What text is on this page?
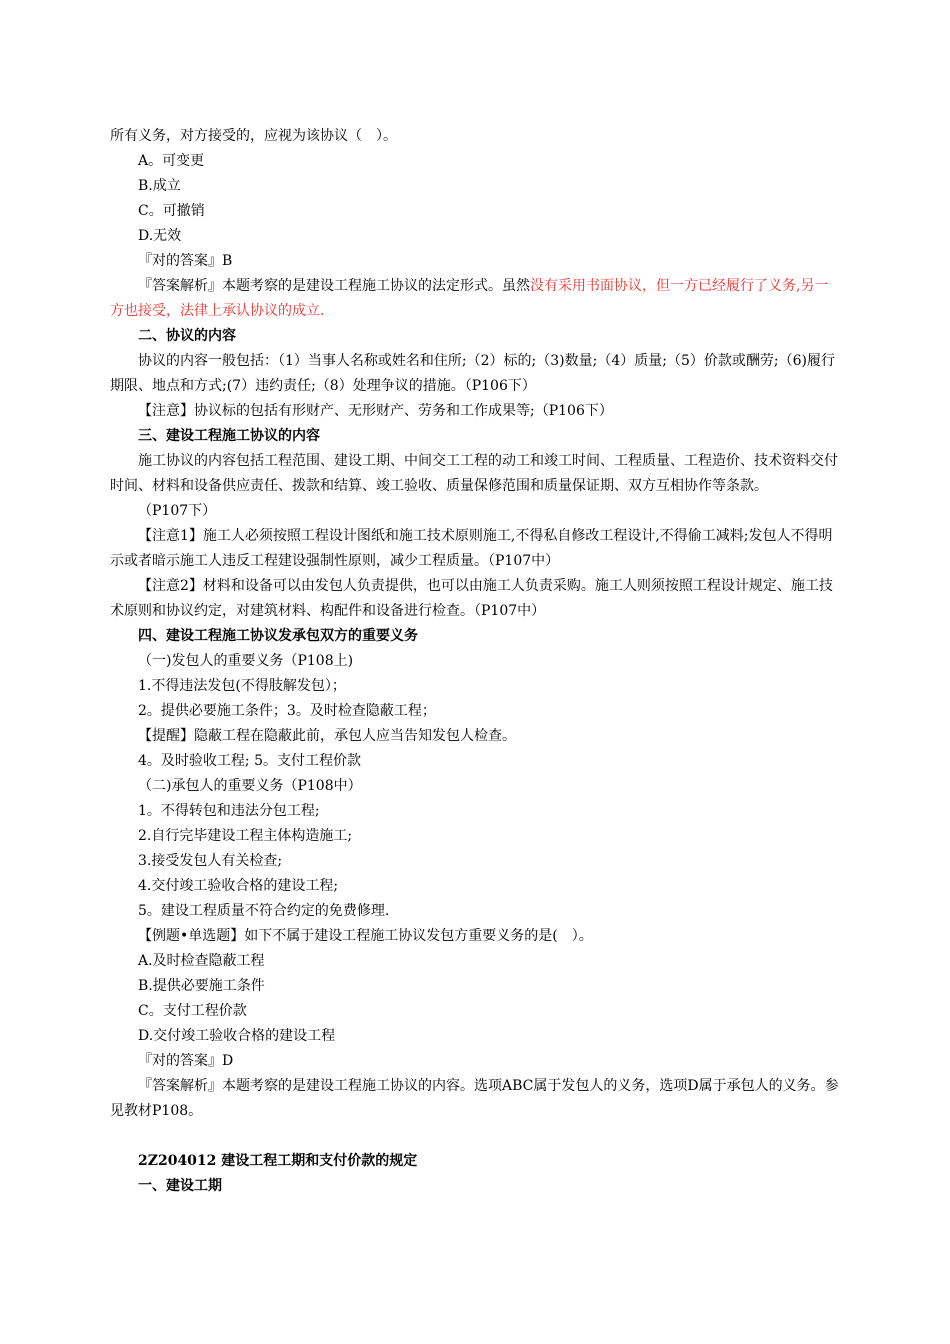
所有义务，对方接受的，应视为该协议（　）。

A。可变更

B.成立

C。可撤销

D.无效

『对的答案』B

『答案解析』本题考察的是建设工程施工协议的法定形式。虽然没有采用书面协议，但一方已经履行了义务,另一方也接受，法律上承认协议的成立.

二、协议的内容

协议的内容一般包括：（1）当事人名称或姓名和住所;（2）标的;（3)数量;（4）质量;（5）价款或酬劳;（6)履行期限、地点和方式;(7）违约责任;（8）处理争议的措施。（P106下）

【注意】协议标的包括有形财产、无形财产、劳务和工作成果等;（P106下）

三、建设工程施工协议的内容

施工协议的内容包括工程范围、建设工期、中间交工工程的动工和竣工时间、工程质量、工程造价、技术资料交付时间、材料和设备供应责任、拨款和结算、竣工验收、质量保修范围和质量保证期、双方互相协作等条款。

（P107下）

【注意1】施工人必须按照工程设计图纸和施工技术原则施工,不得私自修改工程设计,不得偷工减料;发包人不得明示或者暗示施工人违反工程建设强制性原则，减少工程质量。（P107中）

【注意2】材料和设备可以由发包人负责提供，也可以由施工人负责采购。施工人则须按照工程设计规定、施工技术原则和协议约定，对建筑材料、构配件和设备进行检查。（P107中）

四、建设工程施工协议发承包双方的重要义务

（一)发包人的重要义务（P108上)

1.不得违法发包(不得肢解发包）；

2。提供必要施工条件；3。及时检查隐蔽工程；

【提醒】隐蔽工程在隐蔽此前，承包人应当告知发包人检查。

4。及时验收工程; 5。支付工程价款

（二)承包人的重要义务（P108中）

1。不得转包和违法分包工程;

2.自行完毕建设工程主体构造施工;

3.接受发包人有关检查;

4.交付竣工验收合格的建设工程;

5。建设工程质量不符合约定的免费修理.

【例题•单选题】如下不属于建设工程施工协议发包方重要义务的是(　）。

A.及时检查隐蔽工程

B.提供必要施工条件

C。支付工程价款

D.交付竣工验收合格的建设工程

『对的答案』D

『答案解析』本题考察的是建设工程施工协议的内容。选项ABC属于发包人的义务，选项D属于承包人的义务。参见教材P108。

2Z204012 建设工程工期和支付价款的规定

一、建设工期
